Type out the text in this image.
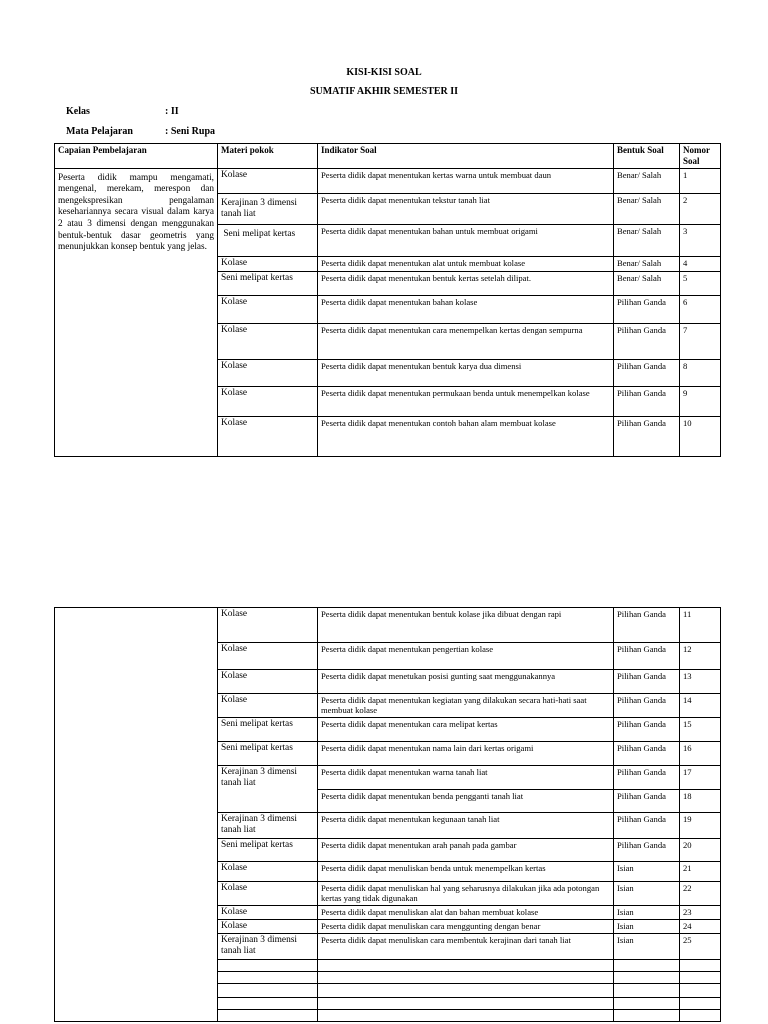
KISI-KISI SOAL
SUMATIF AKHIR SEMESTER II
Kelas	: II
Mata Pelajaran	: Seni Rupa
Capaian Pembelajaran	Materi pokok	Indikator Soal	Bentuk Soal	Nomor Soal
Peserta didik mampu mengamati, mengenal, merekam, merespon dan mengekspresikan pengalaman kesehariannya secara visual dalam karya 2 atau 3 dimensi dengan menggunakan bentuk-bentuk dasar geometris yang menunjukkan konsep bentuk yang jelas.	Kolase	Peserta didik dapat menentukan kertas warna untuk membuat daun	Benar/ Salah	1
	Kerajinan 3 dimensi tanah liat	Peserta didik dapat menentukan tekstur tanah liat	Benar/ Salah	2
	Seni melipat kertas	Peserta didik dapat menentukan bahan untuk membuat origami	Benar/ Salah	3
	Kolase	Peserta didik dapat menentukan alat untuk membuat kolase	Benar/ Salah	4
	Seni melipat kertas	Peserta didik dapat menentukan bentuk kertas setelah dilipat.	Benar/ Salah	5
	Kolase	Peserta didik dapat menentukan bahan kolase	Pilihan Ganda	6
	Kolase	Peserta didik dapat menentukan cara menempelkan kertas dengan sempurna	Pilihan Ganda	7
	Kolase	Peserta didik dapat menentukan bentuk karya dua dimensi	Pilihan Ganda	8
	Kolase	Peserta didik dapat menentukan permukaan benda untuk menempelkan kolase	Pilihan Ganda	9
	Kolase	Peserta didik dapat menentukan contoh bahan alam membuat kolase	Pilihan Ganda	10
	Kolase	Peserta didik dapat menentukan bentuk kolase jika dibuat dengan rapi	Pilihan Ganda	11
	Kolase	Peserta didik dapat menentukan pengertian kolase	Pilihan Ganda	12
	Kolase	Peserta didik dapat menetukan posisi gunting saat menggunakannya	Pilihan Ganda	13
	Kolase	Peserta didik dapat menentukan kegiatan yang dilakukan secara hati-hati saat membuat kolase	Pilihan Ganda	14
	Seni melipat kertas	Peserta didik dapat menentukan cara melipat kertas	Pilihan Ganda	15
	Seni melipat kertas	Peserta didik dapat menentukan nama lain dari kertas origami	Pilihan Ganda	16
	Kerajinan 3 dimensi tanah liat	Peserta didik dapat menentukan warna tanah liat	Pilihan Ganda	17
		Peserta didik dapat menentukan benda pengganti tanah liat	Pilihan Ganda	18
	Kerajinan 3 dimensi tanah liat	Peserta didik dapat menentukan kegunaan tanah liat	Pilihan Ganda	19
	Seni melipat kertas	Peserta didik dapat menentukan arah panah pada gambar	Pilihan Ganda	20
	Kolase	Peserta didik dapat menuliskan benda untuk menempelkan kertas	Isian	21
	Kolase	Peserta didik dapat menuliskan hal yang seharusnya dilakukan jika ada potongan kertas yang tidak digunakan	Isian	22
	Kolase	Peserta didik dapat menuliskan alat dan bahan membuat kolase	Isian	23
	Kolase	Peserta didik dapat menuliskan cara menggunting dengan benar	Isian	24
	Kerajinan 3 dimensi tanah liat	Peserta didik dapat menuliskan cara membentuk kerajinan dari tanah liat	Isian	25
